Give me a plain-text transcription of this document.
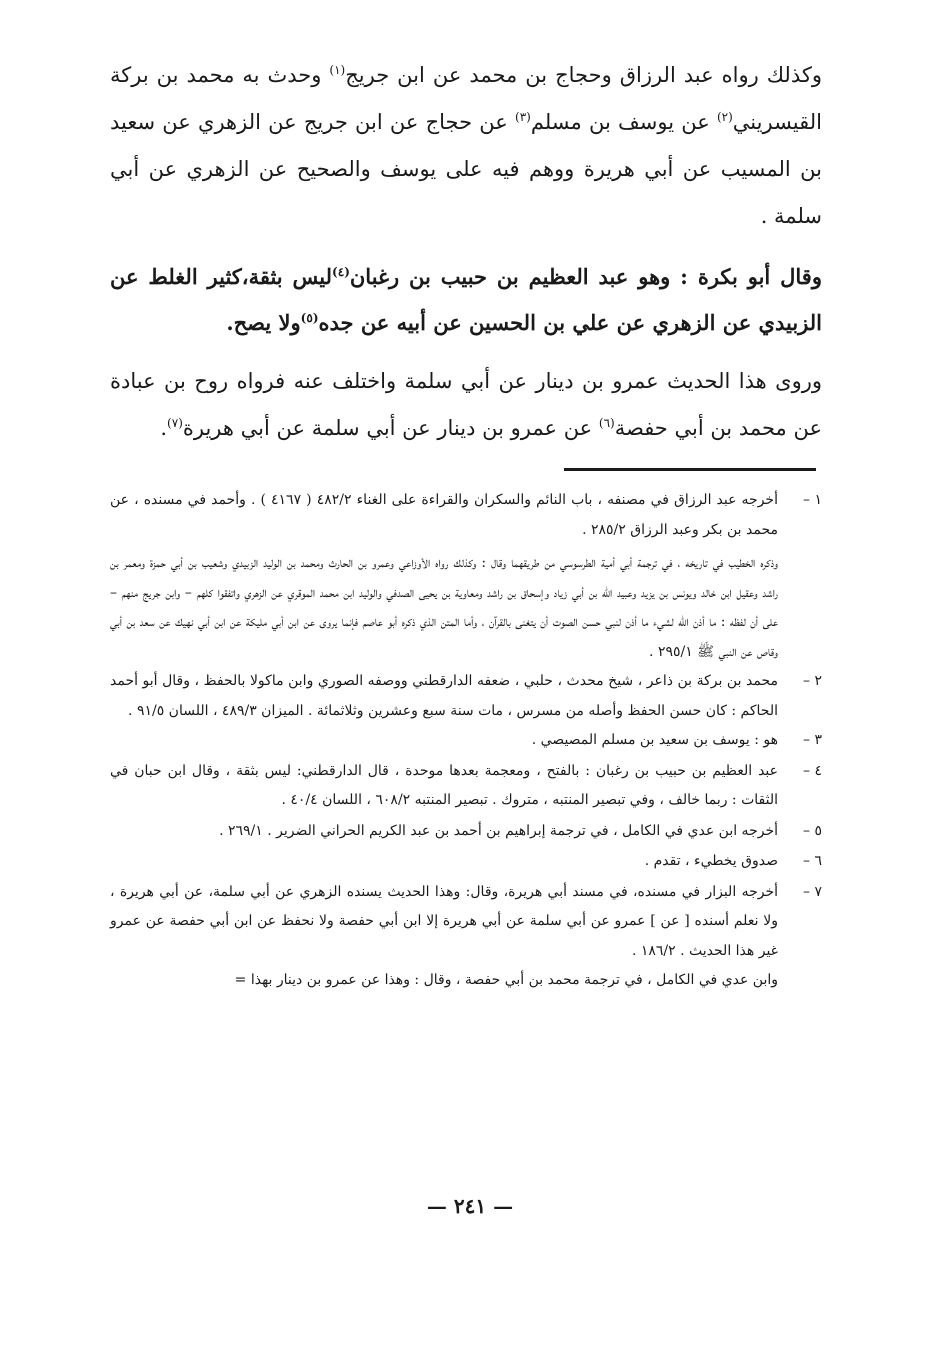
وكذلك رواه عبد الرزاق وحجاج بن محمد عن ابن جريج$^{(١)}$ وحدث به محمد بن بركة القيسريني$^{(٢)}$ عن يوسف بن مسلم$^{(٣)}$ عن حجاج عن ابن جريج عن الزهري عن سعيد بن المسيب عن أبي هريرة ووهم فيه على يوسف والصحيح عن الزهري عن أبي سلمة .

وقال أبو بكرة : وهو عبد العظيم بن حبيب بن رغبان$^{(٤)}$ليس بثقة،كثير الغلط عن الزبيدي عن الزهري عن علي بن الحسين عن أبيه عن جده$^{(٥)}$ولا يصح.

وروى هذا الحديث عمرو بن دينار عن أبي سلمة واختلف عنه فرواه روح بن عبادة عن محمد بن أبي حفصة$^{(٦)}$ عن عمرو بن دينار عن أبي سلمة عن أبي هريرة$^{(٧)}$.

١ –

أخرجه عبد الرزاق في مصنفه ، باب النائم والسكران والقراءة على الغناء ٤٨٢/٢ ( ٤١٦٧ ) . وأحمد في مسنده ، عن محمد بن بكر وعبد الرزاق ٢٨٥/٢ .

وذكره الخطيب في تاريخه ، في ترجمة أبي أمية الطرسوسي من طريقهما وقال : وكذلك رواه الأوزاعي وعمرو بن الحارث ومحمد بن الوليد الزبيدي وشعيب بن أبي حمزة ومعمر بن راشد وعقيل ابن خالد ويونس بن يزيد وعبيد الله بن أبي زياد وإسحاق بن راشد ومعاوية بن يحيى الصدفي والوليد ابن محمد الموقري عن الزهري واتفقوا كلهم – وابن جريج منهم – على أن لفظه : ما أذن الله لشيء ما أذن لنبي حسن الصوت أن يتغنى بالقرآن ، وأما المتن الذي ذكره أبو عاصم فإنما يروى عن ابن أبي مليكة عن ابن أبي نهيك عن سعد بن أبي وقاص عن النبي ﷺ ٢٩٥/١ .

٢ –

محمد بن بركة بن ذاعر ، شيخ محدث ، حلبي ، ضعفه الدارقطني ووصفه الصوري وابن ماكولا بالحفظ ، وقال أبو أحمد الحاكم : كان حسن الحفظ وأصله من مسرس ، مات سنة سبع وعشرين وثلاثمائة . الميزان ٤٨٩/٣ ، اللسان ٩١/٥ .

٣ –

هو : يوسف بن سعيد بن مسلم المصيصي .

٤ –

عبد العظيم بن حبيب بن رغبان : بالفتح ، ومعجمة بعدها موحدة ، قال الدارقطني: ليس بثقة ، وقال ابن حبان في الثقات : ربما خالف ، وفي تبصير المنتبه ، متروك . تبصير المنتبه ٦٠٨/٢ ، اللسان ٤٠/٤ .

٥ –

أخرجه ابن عدي في الكامل ، في ترجمة إبراهيم بن أحمد بن عبد الكريم الحراني الضرير . ٢٦٩/١ .

٦ –

صدوق يخطيء ، تقدم .

٧ –

أخرجه البزار في مسنده، في مسند أبي هريرة، وقال: وهذا الحديث يسنده الزهري عن أبي سلمة، عن أبي هريرة ، ولا نعلم أسنده [ عن ] عمرو عن أبي سلمة عن أبي هريرة إلا ابن أبي حفصة ولا نحفظ عن ابن أبي حفصة عن عمرو غير هذا الحديث . ١٨٦/٢ .

وابن عدي في الكامل ، في ترجمة محمد بن أبي حفصة ، وقال : وهذا عن عمرو بن دينار بهذا =

— ٢٤١ —
